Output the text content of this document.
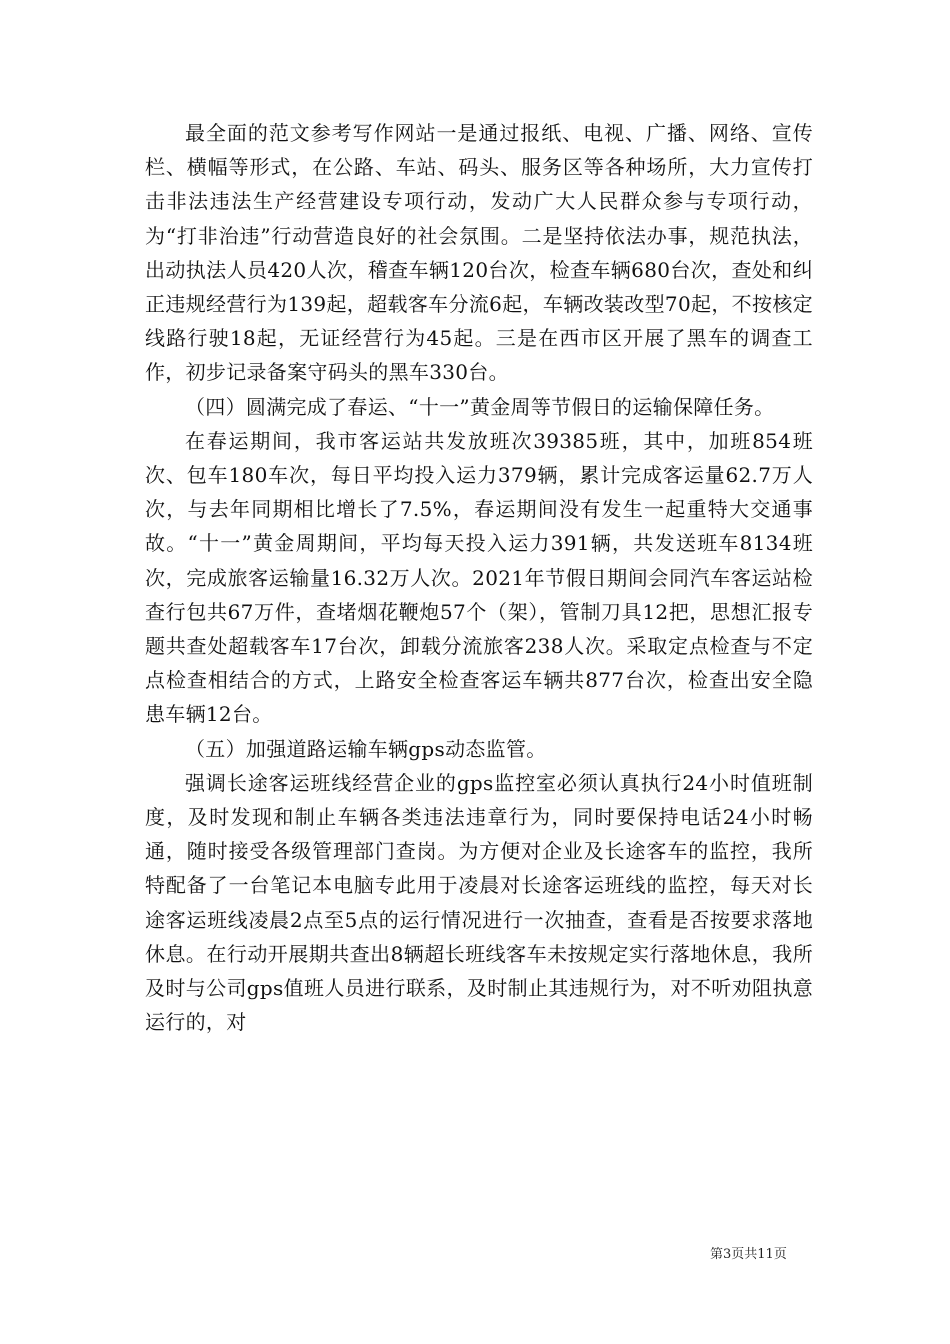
最全面的范文参考写作网站一是通过报纸、电视、广播、网络、宣传栏、横幅等形式，在公路、车站、码头、服务区等各种场所，大力宣传打击非法违法生产经营建设专项行动，发动广大人民群众参与专项行动，为“打非治违”行动营造良好的社会氛围。二是坚持依法办事，规范执法，出动执法人员420人次，稽查车辆120台次，检查车辆680台次，查处和纠正违规经营行为139起，超载客车分流6起，车辆改装改型70起，不按核定线路行驶18起，无证经营行为45起。三是在西市区开展了黑车的调查工作，初步记录备案守码头的黑车330台。

（四）圆满完成了春运、“十一”黄金周等节假日的运输保障任务。

在春运期间，我市客运站共发放班次39385班，其中，加班854班次、包车180车次，每日平均投入运力379辆，累计完成客运量62.7万人次，与去年同期相比增长了7.5%，春运期间没有发生一起重特大交通事故。“十一”黄金周期间，平均每天投入运力391辆，共发送班车8134班次，完成旅客运输量16.32万人次。2021年节假日期间会同汽车客运站检查行包共67万件，查堵烟花鞭炮57个（架），管制刀具12把，思想汇报专题共查处超载客车17台次，卸载分流旅客238人次。采取定点检查与不定点检查相结合的方式，上路安全检查客运车辆共877台次，检查出安全隐患车辆12台。

（五）加强道路运输车辆gps动态监管。

强调长途客运班线经营企业的gps监控室必须认真执行24小时值班制度，及时发现和制止车辆各类违法违章行为，同时要保持电话24小时畅通，随时接受各级管理部门查岗。为方便对企业及长途客车的监控，我所特配备了一台笔记本电脑专此用于凌晨对长途客运班线的监控，每天对长途客运班线凌晨2点至5点的运行情况进行一次抽查，查看是否按要求落地休息。在行动开展期共查出8辆超长班线客车未按规定实行落地休息，我所及时与公司gps值班人员进行联系，及时制止其违规行为，对不听劝阻执意运行的，对

第3页共11页
